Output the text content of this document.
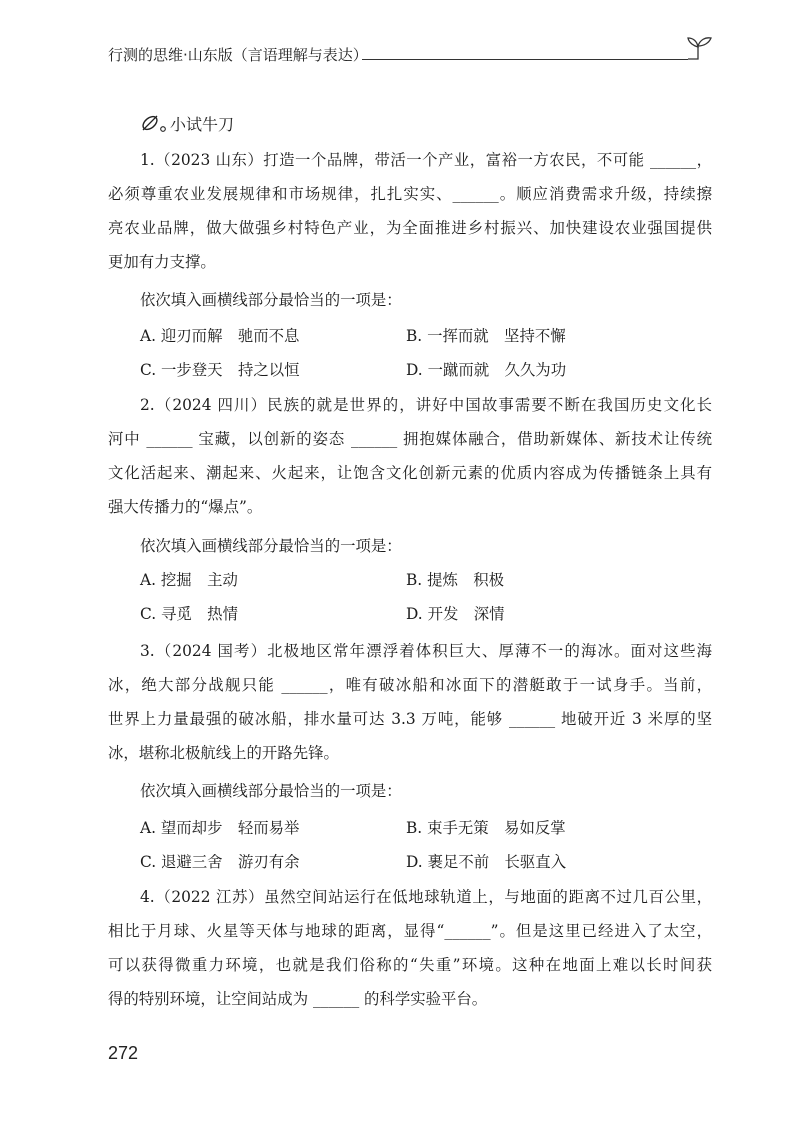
行测的思维·山东版（言语理解与表达）
小试牛刀
1.（2023 山东）打造一个品牌，带活一个产业，富裕一方农民，不可能 ______，
必须尊重农业发展规律和市场规律，扎扎实实、______。顺应消费需求升级，持续擦
亮农业品牌，做大做强乡村特色产业，为全面推进乡村振兴、加快建设农业强国提供
更加有力支撑。
依次填入画横线部分最恰当的一项是：
A. 迎刃而解　驰而不息	B. 一挥而就　坚持不懈
C. 一步登天　持之以恒	D. 一蹴而就　久久为功
2.（2024 四川）民族的就是世界的，讲好中国故事需要不断在我国历史文化长
河中 ______ 宝藏，以创新的姿态 ______ 拥抱媒体融合，借助新媒体、新技术让传统
文化活起来、潮起来、火起来，让饱含文化创新元素的优质内容成为传播链条上具有
强大传播力的“爆点”。
依次填入画横线部分最恰当的一项是：
A. 挖掘　主动	B. 提炼　积极
C. 寻觅　热情	D. 开发　深情
3.（2024 国考）北极地区常年漂浮着体积巨大、厚薄不一的海冰。面对这些海
冰，绝大部分战舰只能 ______，唯有破冰船和冰面下的潜艇敢于一试身手。当前，
世界上力量最强的破冰船，排水量可达 3.3 万吨，能够 ______ 地破开近 3 米厚的坚
冰，堪称北极航线上的开路先锋。
依次填入画横线部分最恰当的一项是：
A. 望而却步　轻而易举	B. 束手无策　易如反掌
C. 退避三舍　游刃有余	D. 裹足不前　长驱直入
4.（2022 江苏）虽然空间站运行在低地球轨道上，与地面的距离不过几百公里，
相比于月球、火星等天体与地球的距离，显得“______”。但是这里已经进入了太空，
可以获得微重力环境，也就是我们俗称的“失重”环境。这种在地面上难以长时间获
得的特别环境，让空间站成为 ______ 的科学实验平台。
272
